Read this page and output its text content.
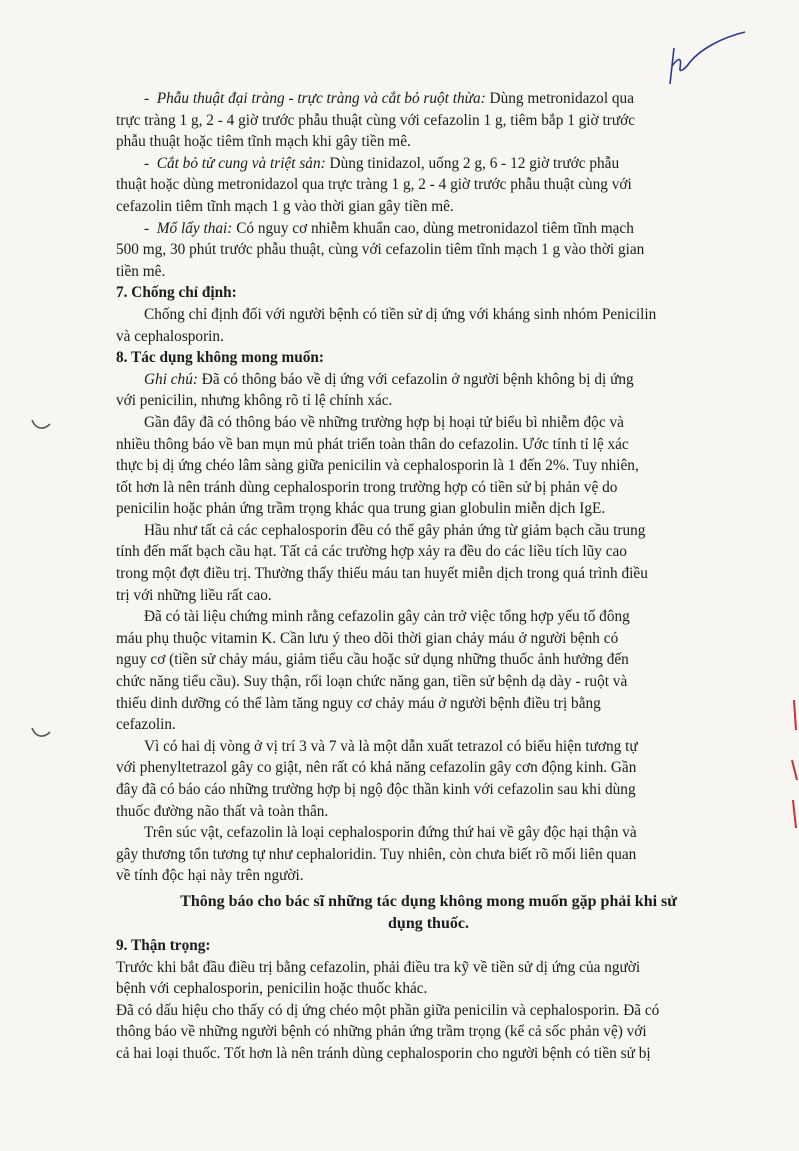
-  Phẫu thuật đại tràng - trực tràng và cắt bỏ ruột thừa: Dùng metronidazol qua
trực tràng 1 g, 2 - 4 giờ trước phẫu thuật cùng với cefazolin 1 g, tiêm bắp 1 giờ trước
phẫu thuật hoặc tiêm tĩnh mạch khi gây tiền mê.
-  Cắt bỏ tử cung và triệt sản: Dùng tinidazol, uống 2 g, 6 - 12 giờ trước phẫu
thuật hoặc dùng metronidazol qua trực tràng 1 g, 2 - 4 giờ trước phẫu thuật cùng với
cefazolin tiêm tĩnh mạch 1 g vào thời gian gây tiền mê.
-  Mổ lấy thai: Có nguy cơ nhiễm khuẩn cao, dùng metronidazol tiêm tĩnh mạch
500 mg, 30 phút trước phẫu thuật, cùng với cefazolin tiêm tĩnh mạch 1 g vào thời gian
tiền mê.
7. Chống chỉ định:
Chống chỉ định đối với người bệnh có tiền sử dị ứng với kháng sinh nhóm Penicilin
và cephalosporin.
8. Tác dụng không mong muốn:
Ghi chú: Đã có thông báo về dị ứng với cefazolin ở người bệnh không bị dị ứng
với penicilin, nhưng không rõ tỉ lệ chính xác.
Gần đây đã có thông báo về những trường hợp bị hoại tử biểu bì nhiễm độc và
nhiều thông báo về ban mụn mủ phát triển toàn thân do cefazolin. Ước tính tỉ lệ xác
thực bị dị ứng chéo lâm sàng giữa penicilin và cephalosporin là 1 đến 2%. Tuy nhiên,
tốt hơn là nên tránh dùng cephalosporin trong trường hợp có tiền sử bị phản vệ do
penicilin hoặc phản ứng trầm trọng khác qua trung gian globulin miễn dịch IgE.
Hầu như tất cả các cephalosporin đều có thể gây phản ứng từ giảm bạch cầu trung
tính đến mất bạch cầu hạt. Tất cả các trường hợp xảy ra đều do các liều tích lũy cao
trong một đợt điều trị. Thường thấy thiếu máu tan huyết miễn dịch trong quá trình điều
trị với những liều rất cao.
Đã có tài liệu chứng minh rằng cefazolin gây cản trở việc tổng hợp yếu tố đông
máu phụ thuộc vitamin K. Cần lưu ý theo dõi thời gian chảy máu ở người bệnh có
nguy cơ (tiền sử chảy máu, giảm tiểu cầu hoặc sử dụng những thuốc ảnh hưởng đến
chức năng tiểu cầu). Suy thận, rối loạn chức năng gan, tiền sử bệnh dạ dày - ruột và
thiếu dinh dưỡng có thể làm tăng nguy cơ chảy máu ở người bệnh điều trị bằng
cefazolin.
Vì có hai dị vòng ở vị trí 3 và 7 và là một dẫn xuất tetrazol có biểu hiện tương tự
với phenyltetrazol gây co giật, nên rất có khả năng cefazolin gây cơn động kinh. Gần
đây đã có báo cáo những trường hợp bị ngộ độc thần kinh với cefazolin sau khi dùng
thuốc đường não thất và toàn thân.
Trên súc vật, cefazolin là loại cephalosporin đứng thứ hai về gây độc hại thận và
gây thương tổn tương tự như cephaloridin. Tuy nhiên, còn chưa biết rõ mối liên quan
về tính độc hại này trên người.
Thông báo cho bác sĩ những tác dụng không mong muốn gặp phải khi sử
dụng thuốc.
9. Thận trọng:
Trước khi bắt đầu điều trị bằng cefazolin, phải điều tra kỹ về tiền sử dị ứng của người
bệnh với cephalosporin, penicilin hoặc thuốc khác.
Đã có dấu hiệu cho thấy có dị ứng chéo một phần giữa penicilin và cephalosporin. Đã có
thông báo về những người bệnh có những phản ứng trầm trọng (kể cả sốc phản vệ) với
cả hai loại thuốc. Tốt hơn là nên tránh dùng cephalosporin cho người bệnh có tiền sử bị
